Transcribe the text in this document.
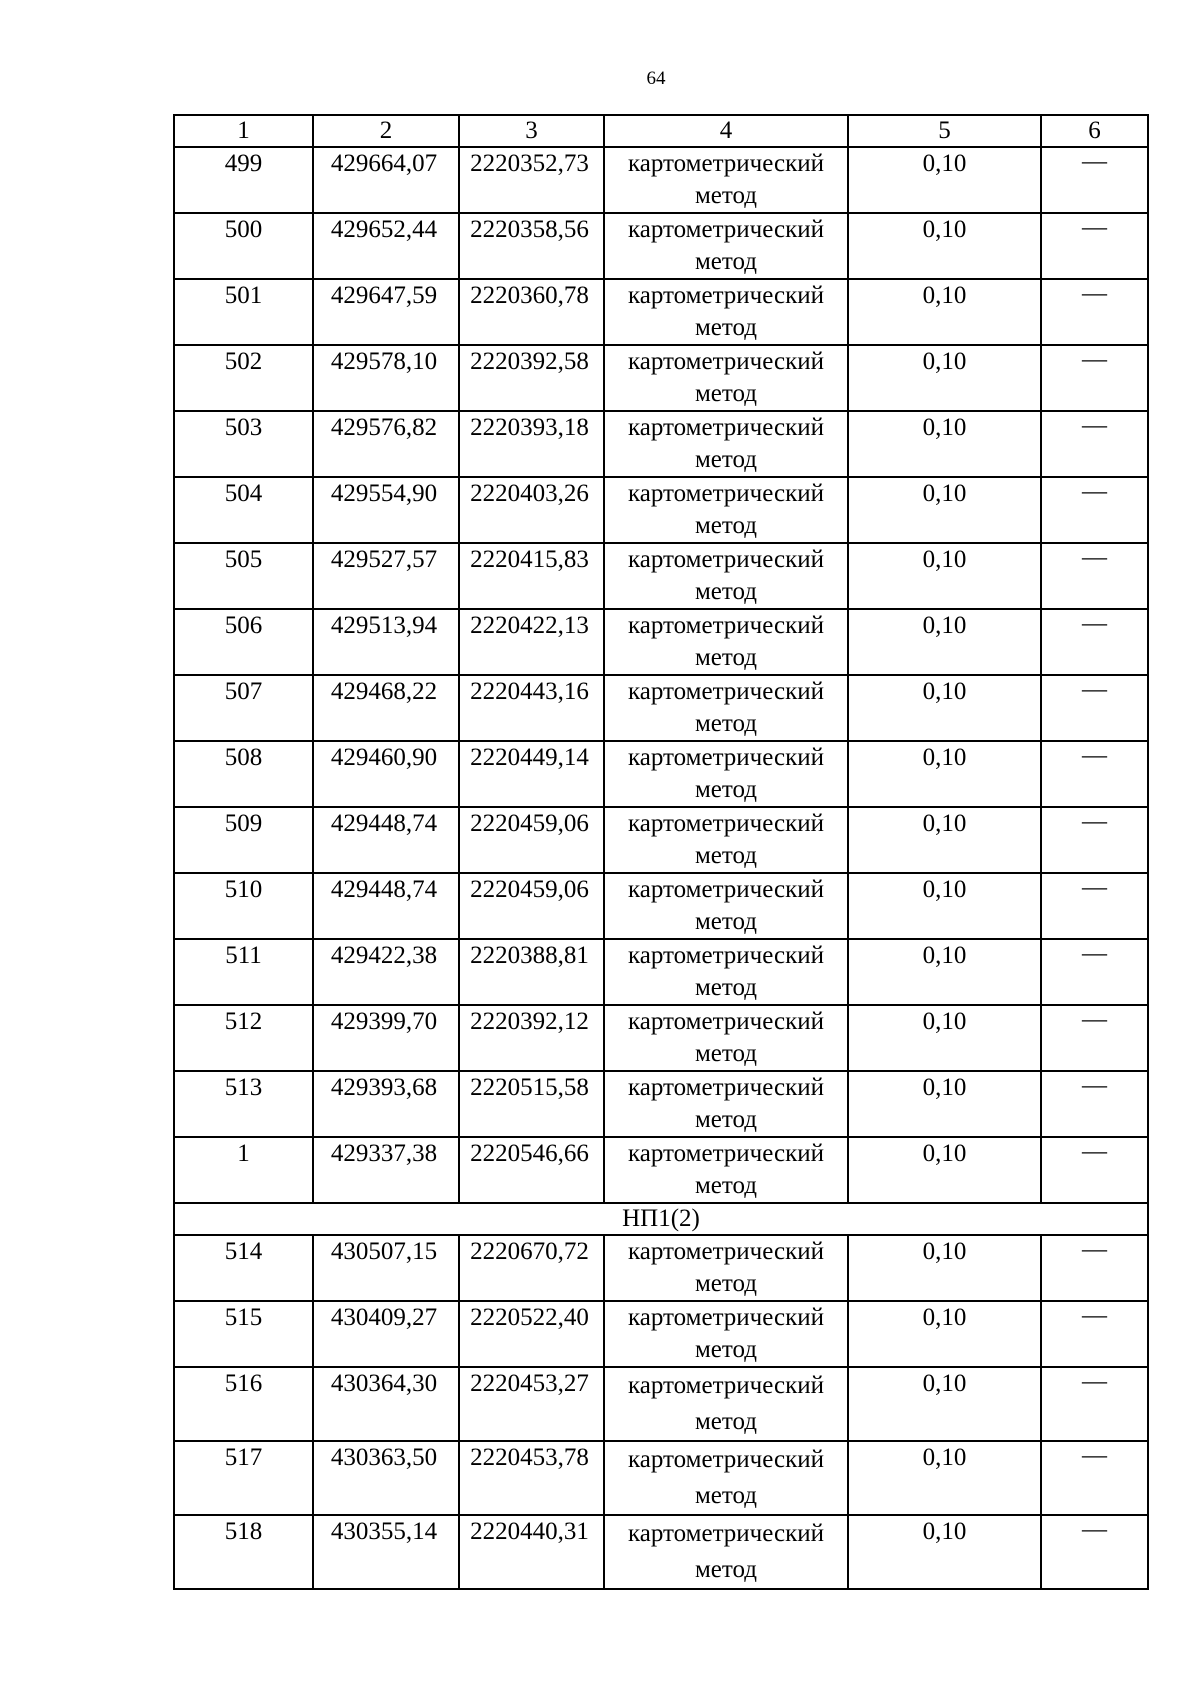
64
1	2	3	4	5	6
499	429664,07	2220352,73	картометрический метод	0,10	—
500	429652,44	2220358,56	картометрический метод	0,10	—
501	429647,59	2220360,78	картометрический метод	0,10	—
502	429578,10	2220392,58	картометрический метод	0,10	—
503	429576,82	2220393,18	картометрический метод	0,10	—
504	429554,90	2220403,26	картометрический метод	0,10	—
505	429527,57	2220415,83	картометрический метод	0,10	—
506	429513,94	2220422,13	картометрический метод	0,10	—
507	429468,22	2220443,16	картометрический метод	0,10	—
508	429460,90	2220449,14	картометрический метод	0,10	—
509	429448,74	2220459,06	картометрический метод	0,10	—
510	429448,74	2220459,06	картометрический метод	0,10	—
511	429422,38	2220388,81	картометрический метод	0,10	—
512	429399,70	2220392,12	картометрический метод	0,10	—
513	429393,68	2220515,58	картометрический метод	0,10	—
1	429337,38	2220546,66	картометрический метод	0,10	—
НП1(2)					
514	430507,15	2220670,72	картометрический метод	0,10	—
515	430409,27	2220522,40	картометрический метод	0,10	—
516	430364,30	2220453,27	картометрический метод	0,10	—
517	430363,50	2220453,78	картометрический метод	0,10	—
518	430355,14	2220440,31	картометрический метод	0,10	—
